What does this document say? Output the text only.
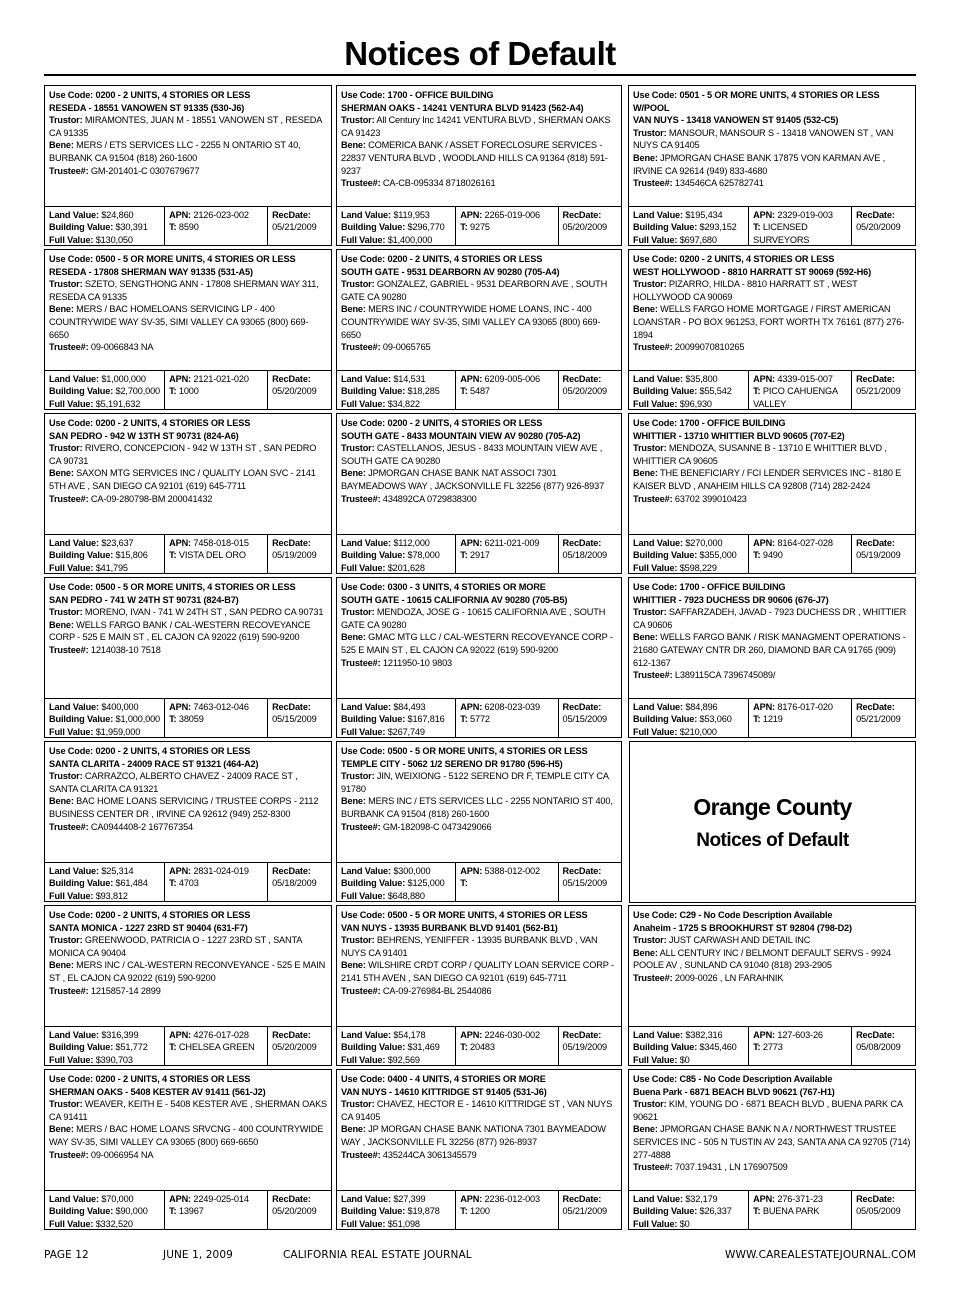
Notices of Default
Use Code: 0200 - 2 UNITS, 4 STORIES OR LESS
RESEDA - 18551 VANOWEN ST 91335 (530-J6)
Trustor: MIRAMONTES, JUAN M - 18551 VANOWEN ST , RESEDA CA 91335
Bene: MERS / ETS SERVICES LLC - 2255 N ONTARIO ST 40, BURBANK CA 91504 (818) 260-1600
Trustee#: GM-201401-C 0307679677
Land Value: $24,860
Building Value: $30,391
Full Value: $130,050
APN: 2126-023-002
T: 8590
RecDate:
05/21/2009
Use Code: 1700 - OFFICE BUILDING
SHERMAN OAKS - 14241 VENTURA BLVD 91423 (562-A4)
Trustor: All Century Inc 14241 VENTURA BLVD , SHERMAN OAKS CA 91423
Bene: COMERICA BANK / ASSET FORECLOSURE SERVICES - 22837 VENTURA BLVD , WOODLAND HILLS CA 91364 (818) 591-9237
Trustee#: CA-CB-095334 8718026161
Land Value: $119,953
Building Value: $296,770
Full Value: $1,400,000
APN: 2265-019-006
T: 9275
RecDate:
05/20/2009
Use Code: 0501 - 5 OR MORE UNITS, 4 STORIES OR LESS W/POOL
VAN NUYS - 13418 VANOWEN ST 91405 (532-C5)
Trustor: MANSOUR, MANSOUR S - 13418 VANOWEN ST , VAN NUYS CA 91405
Bene: JPMORGAN CHASE BANK 17875 VON KARMAN AVE , IRVINE CA 92614 (949) 833-4680
Trustee#: 134546CA 625782741
Land Value: $195,434
Building Value: $293,152
Full Value: $697,680
APN: 2329-019-003
T: LICENSED SURVEYORS
RecDate:
05/20/2009
Use Code: 0500 - 5 OR MORE UNITS, 4 STORIES OR LESS
RESEDA - 17808 SHERMAN WAY 91335 (531-A5)
Trustor: SZETO, SENGTHONG ANN - 17808 SHERMAN WAY 311, RESEDA CA 91335
Bene: MERS / BAC HOMELOANS SERVICING LP - 400 COUNTRYWIDE WAY SV-35, SIMI VALLEY CA 93065 (800) 669-6650
Trustee#: 09-0066843 NA
Land Value: $1,000,000
Building Value: $2,700,000
Full Value: $5,191,632
APN: 2121-021-020
T: 1000
RecDate:
05/20/2009
Use Code: 0200 - 2 UNITS, 4 STORIES OR LESS
SOUTH GATE - 9531 DEARBORN AV 90280 (705-A4)
Trustor: GONZALEZ, GABRIEL - 9531 DEARBORN AVE , SOUTH GATE CA 90280
Bene: MERS INC / COUNTRYWIDE HOME LOANS, INC - 400 COUNTRYWIDE WAY SV-35, SIMI VALLEY CA 93065 (800) 669-6650
Trustee#: 09-0065765
Land Value: $14,531
Building Value: $18,285
Full Value: $34,822
APN: 6209-005-006
T: 5487
RecDate:
05/20/2009
Use Code: 0200 - 2 UNITS, 4 STORIES OR LESS
WEST HOLLYWOOD - 8810 HARRATT ST 90069 (592-H6)
Trustor: PIZARRO, HILDA - 8810 HARRATT ST , WEST HOLLYWOOD CA 90069
Bene: WELLS FARGO HOME MORTGAGE / FIRST AMERICAN LOANSTAR - PO BOX 961253, FORT WORTH TX 76161 (877) 276-1894
Trustee#: 20099070810265
Land Value: $35,800
Building Value: $55,542
Full Value: $96,930
APN: 4339-015-007
T: PICO CAHUENGA VALLEY
RecDate:
05/21/2009
Use Code: 0200 - 2 UNITS, 4 STORIES OR LESS
SAN PEDRO - 942 W 13TH ST 90731 (824-A6)
Trustor: RIVERO, CONCEPCION - 942 W 13TH ST , SAN PEDRO CA 90731
Bene: SAXON MTG SERVICES INC / QUALITY LOAN SVC - 2141 5TH AVE , SAN DIEGO CA 92101 (619) 645-7711
Trustee#: CA-09-280798-BM 200041432
Land Value: $23,637
Building Value: $15,806
Full Value: $41,795
APN: 7458-018-015
T: VISTA DEL ORO
RecDate:
05/19/2009
Use Code: 0200 - 2 UNITS, 4 STORIES OR LESS
SOUTH GATE - 8433 MOUNTAIN VIEW AV 90280 (705-A2)
Trustor: CASTELLANOS, JESUS - 8433 MOUNTAIN VIEW AVE , SOUTH GATE CA 90280
Bene: JPMORGAN CHASE BANK NAT ASSOCI 7301 BAYMEADOWS WAY , JACKSONVILLE FL 32256 (877) 926-8937
Trustee#: 434892CA 0729838300
Land Value: $112,000
Building Value: $78,000
Full Value: $201,628
APN: 6211-021-009
T: 2917
RecDate:
05/18/2009
Use Code: 1700 - OFFICE BUILDING
WHITTIER - 13710 WHITTIER BLVD 90605 (707-E2)
Trustor: MENDOZA, SUSANNE B - 13710 E WHITTIER BLVD , WHITTIER CA 90605
Bene: THE BENEFICIARY / FCI LENDER SERVICES INC - 8180 E KAISER BLVD , ANAHEIM HILLS CA 92808 (714) 282-2424
Trustee#: 63702 399010423
Land Value: $270,000
Building Value: $355,000
Full Value: $598,229
APN: 8164-027-028
T: 9490
RecDate:
05/19/2009
Use Code: 0500 - 5 OR MORE UNITS, 4 STORIES OR LESS
SAN PEDRO - 741 W 24TH ST 90731 (824-B7)
Trustor: MORENO, IVAN - 741 W 24TH ST , SAN PEDRO CA 90731
Bene: WELLS FARGO BANK / CAL-WESTERN RECOVEYANCE CORP - 525 E MAIN ST , EL CAJON CA 92022 (619) 590-9200
Trustee#: 1214038-10 7518
Land Value: $400,000
Building Value: $1,000,000
Full Value: $1,959,000
APN: 7463-012-046
T: 38059
RecDate:
05/15/2009
Use Code: 0300 - 3 UNITS, 4 STORIES OR MORE
SOUTH GATE - 10615 CALIFORNIA AV 90280 (705-B5)
Trustor: MENDOZA, JOSE G - 10615 CALIFORNIA AVE , SOUTH GATE CA 90280
Bene: GMAC MTG LLC / CAL-WESTERN RECOVEYANCE CORP - 525 E MAIN ST , EL CAJON CA 92022 (619) 590-9200
Trustee#: 1211950-10 9803
Land Value: $84,493
Building Value: $167,816
Full Value: $267,749
APN: 6208-023-039
T: 5772
RecDate:
05/15/2009
Use Code: 1700 - OFFICE BUILDING
WHITTIER - 7923 DUCHESS DR 90606 (676-J7)
Trustor: SAFFARZADEH, JAVAD - 7923 DUCHESS DR , WHITTIER CA 90606
Bene: WELLS FARGO BANK / RISK MANAGMENT OPERATIONS - 21680 GATEWAY CNTR DR 260, DIAMOND BAR CA 91765 (909) 612-1367
Trustee#: L389115CA 7396745089/
Land Value: $84,896
Building Value: $53,060
Full Value: $210,000
APN: 8176-017-020
T: 1219
RecDate:
05/21/2009
Use Code: 0200 - 2 UNITS, 4 STORIES OR LESS
SANTA CLARITA - 24009 RACE ST 91321 (464-A2)
Trustor: CARRAZCO, ALBERTO CHAVEZ - 24009 RACE ST , SANTA CLARITA CA 91321
Bene: BAC HOME LOANS SERVICING / TRUSTEE CORPS - 2112 BUSINESS CENTER DR , IRVINE CA 92612 (949) 252-8300
Trustee#: CA0944408-2 167767354
Land Value: $25,314
Building Value: $61,484
Full Value: $93,812
APN: 2831-024-019
T: 4703
RecDate:
05/18/2009
Use Code: 0500 - 5 OR MORE UNITS, 4 STORIES OR LESS
TEMPLE CITY - 5062 1/2 SERENO DR 91780 (596-H5)
Trustor: JIN, WEIXIONG - 5122 SERENO DR F, TEMPLE CITY CA 91780
Bene: MERS INC / ETS SERVICES LLC - 2255 NONTARIO ST 400, BURBANK CA 91504 (818) 260-1600
Trustee#: GM-182098-C 0473429066
Land Value: $300,000
Building Value: $125,000
Full Value: $648,880
APN: 5388-012-002
T:
RecDate:
05/15/2009
Use Code: 0200 - 2 UNITS, 4 STORIES OR LESS
SANTA MONICA - 1227 23RD ST 90404 (631-F7)
Trustor: GREENWOOD, PATRICIA O - 1227 23RD ST , SANTA MONICA CA 90404
Bene: MERS INC / CAL-WESTERN RECONVEYANCE - 525 E MAIN ST , EL CAJON CA 92022 (619) 590-9200
Trustee#: 1215857-14 2899
Land Value: $316,399
Building Value: $51,772
Full Value: $390,703
APN: 4276-017-028
T: CHELSEA GREEN
RecDate:
05/20/2009
Use Code: 0500 - 5 OR MORE UNITS, 4 STORIES OR LESS
VAN NUYS - 13935 BURBANK BLVD 91401 (562-B1)
Trustor: BEHRENS, YENIFFER - 13935 BURBANK BLVD , VAN NUYS CA 91401
Bene: WILSHIRE CRDT CORP / QUALITY LOAN SERVICE CORP - 2141 5TH AVEN , SAN DIEGO CA 92101 (619) 645-7711
Trustee#: CA-09-276984-BL 2544086
Land Value: $54,178
Building Value: $31,469
Full Value: $92,569
APN: 2246-030-002
T: 20483
RecDate:
05/19/2009
Use Code: C29 - No Code Description Available
Anaheim - 1725 S BROOKHURST ST 92804 (798-D2)
Trustor: JUST CARWASH AND DETAIL INC
Bene: ALL CENTURY INC / BELMONT DEFAULT SERVS - 9924 POOLE AV , SUNLAND CA 91040 (818) 293-2905
Trustee#: 2009-0026 , LN FARAHNIK
Land Value: $382,316
Building Value: $345,460
Full Value: $0
APN: 127-603-26
T: 2773
RecDate:
05/08/2009
Use Code: 0200 - 2 UNITS, 4 STORIES OR LESS
SHERMAN OAKS - 5408 KESTER AV 91411 (561-J2)
Trustor: WEAVER, KEITH E - 5408 KESTER AVE , SHERMAN OAKS CA 91411
Bene: MERS / BAC HOME LOANS SRVCNG - 400 COUNTRYWIDE WAY SV-35, SIMI VALLEY CA 93065 (800) 669-6650
Trustee#: 09-0066954 NA
Land Value: $70,000
Building Value: $90,000
Full Value: $332,520
APN: 2249-025-014
T: 13967
RecDate:
05/20/2009
Use Code: 0400 - 4 UNITS, 4 STORIES OR MORE
VAN NUYS - 14610 KITTRIDGE ST 91405 (531-J6)
Trustor: CHAVEZ, HECTOR E - 14610 KITTRIDGE ST , VAN NUYS CA 91405
Bene: JP MORGAN CHASE BANK NATIONA 7301 BAYMEADOW WAY , JACKSONVILLE FL 32256 (877) 926-8937
Trustee#: 435244CA 3061345579
Land Value: $27,399
Building Value: $19,878
Full Value: $51,098
APN: 2236-012-003
T: 1200
RecDate:
05/21/2009
Use Code: C85 - No Code Description Available
Buena Park - 6871 BEACH BLVD 90621 (767-H1)
Trustor: KIM, YOUNG DO - 6871 BEACH BLVD , BUENA PARK CA 90621
Bene: JPMORGAN CHASE BANK N A / NORTHWEST TRUSTEE SERVICES INC - 505 N TUSTIN AV 243, SANTA ANA CA 92705 (714) 277-4888
Trustee#: 7037.19431 , LN 176907509
Land Value: $32,179
Building Value: $26,337
Full Value: $0
APN: 276-371-23
T: BUENA PARK
RecDate:
05/05/2009
Orange County
Notices of Default
PAGE 12	JUNE 1, 2009	CALIFORNIA REAL ESTATE JOURNAL	WWW.CAREALESTATEJOURNAL.COM
